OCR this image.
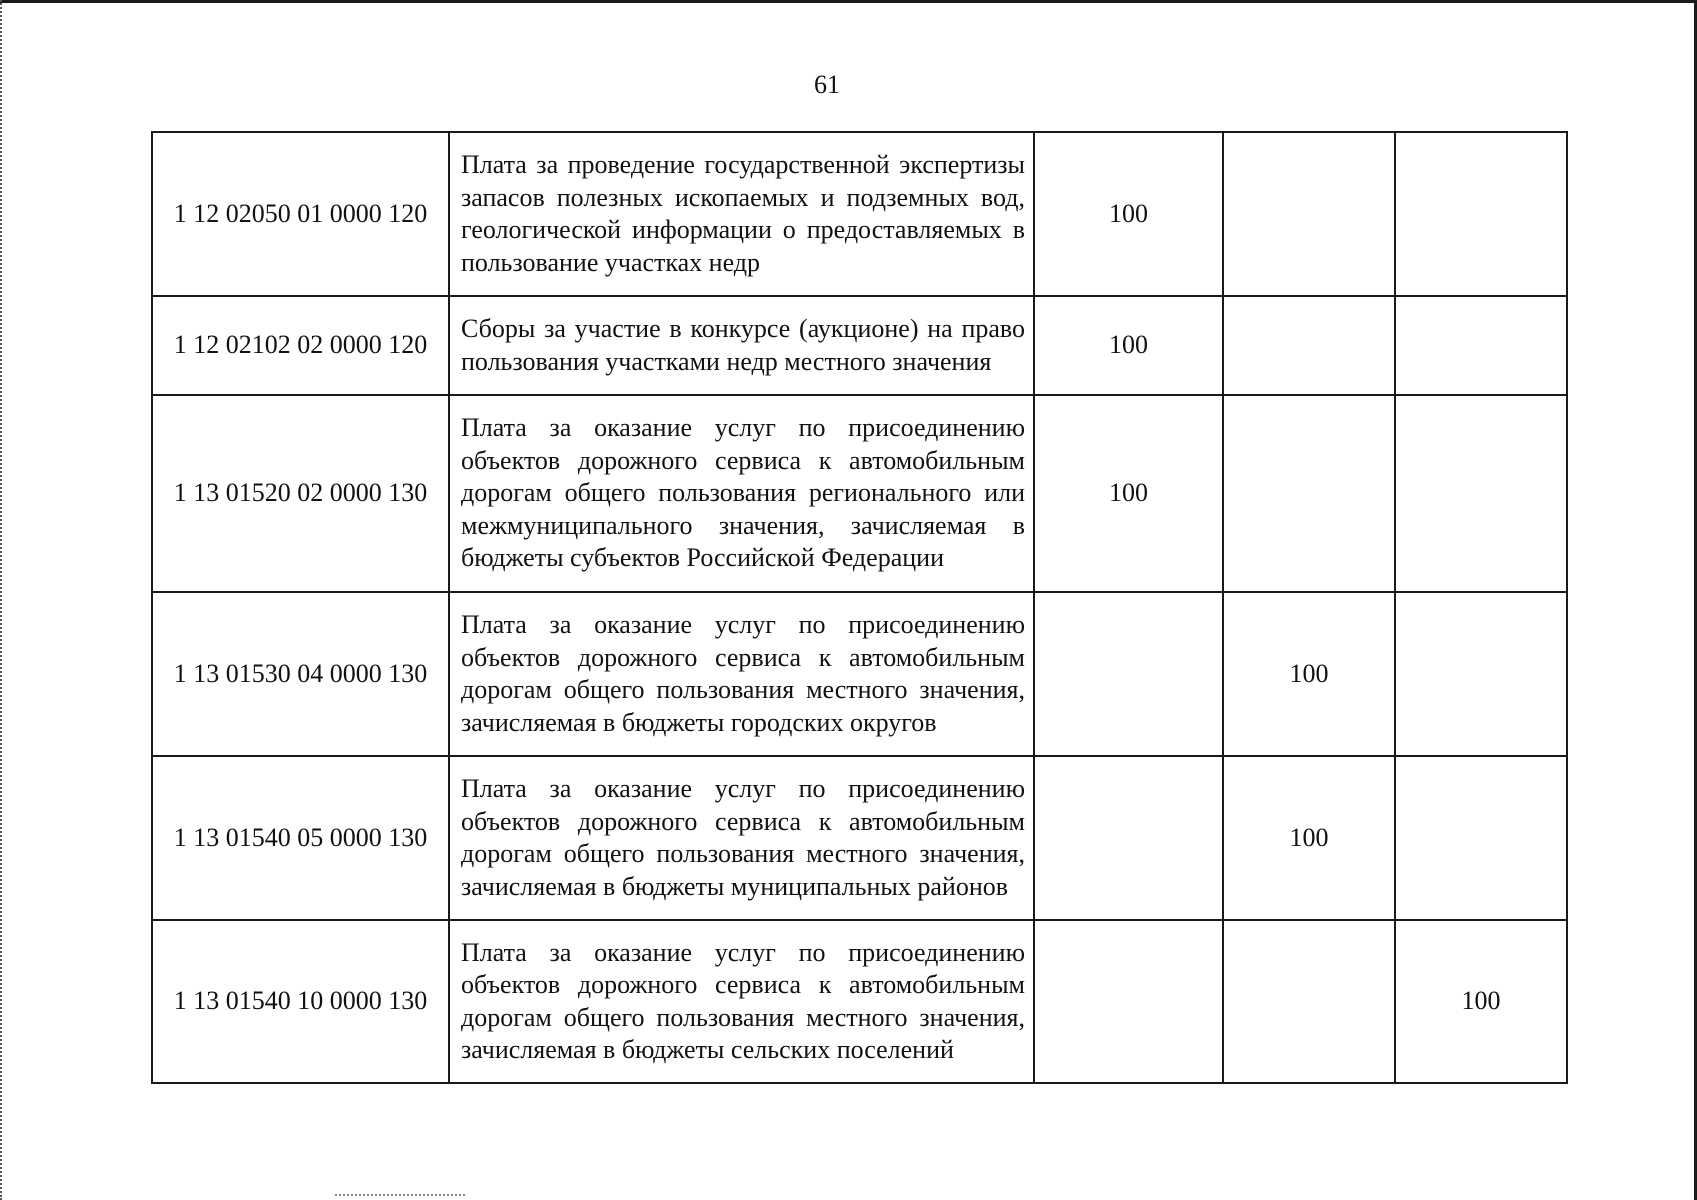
61
1 12 02050 01 0000 120	Плата за проведение государственной экспертизы запасов полезных ископаемых и подземных вод, геологической информации о предоставляемых в пользование участках недр	100		
1 12 02102 02 0000 120	Сборы за участие в конкурсе (аукционе) на право пользования участками недр местного значения	100		
1 13 01520 02 0000 130	Плата за оказание услуг по присоединению объектов дорожного сервиса к автомобильным дорогам общего пользования регионального или межмуниципального значения, зачисляемая в бюджеты субъектов Российской Федерации	100		
1 13 01530 04 0000 130	Плата за оказание услуг по присоединению объектов дорожного сервиса к автомобильным дорогам общего пользования местного значения, зачисляемая в бюджеты городских округов		100	
1 13 01540 05 0000 130	Плата за оказание услуг по присоединению объектов дорожного сервиса к автомобильным дорогам общего пользования местного значения, зачисляемая в бюджеты муниципальных районов		100	
1 13 01540 10 0000 130	Плата за оказание услуг по присоединению объектов дорожного сервиса к автомобильным дорогам общего пользования местного значения, зачисляемая в бюджеты сельских поселений			100
